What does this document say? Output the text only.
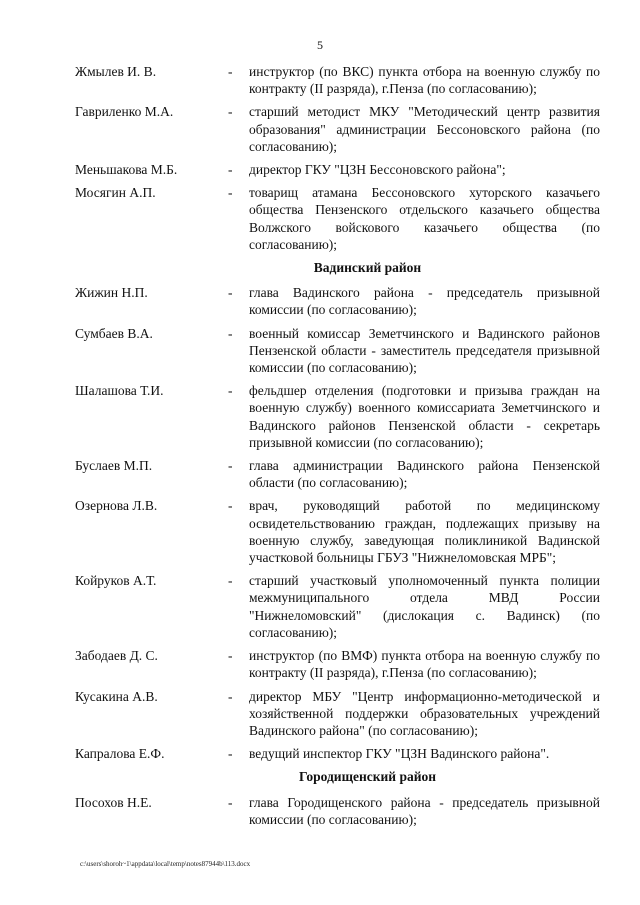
5
Жмылев И. В.	-	инструктор (по ВКС) пункта отбора на военную службу по контракту (II разряда), г.Пенза (по согласованию);
Гавриленко М.А.	-	старший методист МКУ "Методический центр развития образования" администрации Бессоновского района (по согласованию);
Меньшакова М.Б.	-	директор ГКУ "ЦЗН Бессоновского района";
Мосягин А.П.	-	товарищ атамана Бессоновского хуторского казачьего общества Пензенского отдельского казачьего общества Волжского войскового казачьего общества (по согласованию);
Вадинский район
Жижин Н.П.	-	глава Вадинского района - председатель призывной комиссии (по согласованию);
Сумбаев В.А.	-	военный комиссар Земетчинского и Вадинского районов Пензенской области - заместитель председателя призывной комиссии (по согласованию);
Шалашова Т.И.	-	фельдшер отделения (подготовки и призыва граждан на военную службу) военного комиссариата Земетчинского и Вадинского районов Пензенской области - секретарь призывной комиссии (по согласованию);
Буслаев М.П.	-	глава администрации Вадинского района Пензенской области (по согласованию);
Озернова Л.В.	-	врач, руководящий работой по медицинскому освидетельствованию граждан, подлежащих призыву на военную службу, заведующая поликлиникой Вадинской участковой больницы ГБУЗ "Нижнеломовская МРБ";
Койруков А.Т.	-	старший участковый уполномоченный пункта полиции межмуниципального отдела МВД России "Нижнеломовский" (дислокация с. Вадинск) (по согласованию);
Забодаев Д. С.	-	инструктор (по ВМФ) пункта отбора на военную службу по контракту (II разряда), г.Пенза (по согласованию);
Кусакина А.В.	-	директор МБУ "Центр информационно-методической и хозяйственной поддержки образовательных учреждений Вадинского района" (по согласованию);
Капралова Е.Ф.	-	ведущий инспектор ГКУ "ЦЗН Вадинского района".
Городищенский район
Посохов Н.Е.	-	глава Городищенского района - председатель призывной комиссии (по согласованию);
c:\users\shoroh~1\appdata\local\temp\notes87944b\113.docx
